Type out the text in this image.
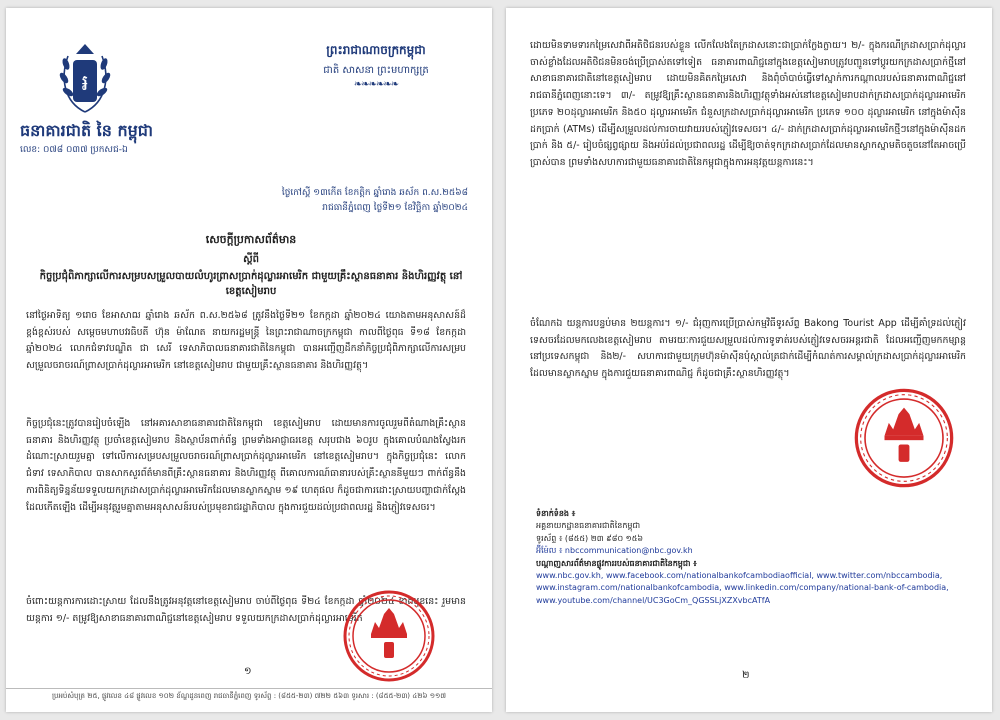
៛
ធនាគារជាតិ នៃ កម្ពុជា
លេខ: ០៧៨ ០៣៧ ប្រកសជ-ឯ
ព្រះរាជាណាចក្រកម្ពុជា
ជាតិ សាសនា ព្រះមហាក្សត្រ
❧❧❧❧❧❧
ថ្ងៃកៅស្គី ១៣កើត ខែកត្តិក ឆ្នាំរោង ឆស័ក ព.ស.២៥៦៨
រាជធានីភ្នំពេញ ថ្ងៃទី២១ ខែវិច្ឆិកា ឆ្នាំ២០២៤
សេចក្តីប្រកាសព័ត៌មាន
ស្តីពី
កិច្ចប្រជុំពិភាក្សាលើការសម្របសម្រួលបាយលំហូរព្រាសប្រាក់ដុល្លារអាមេរិក ជាមួយគ្រឹះស្ថានធនាគារ និងហិរញ្ញវត្ថុ នៅខេត្តសៀមរាប
នៅថ្ងៃអាទិត្យ ១រោច ខែអាសាឍ ឆ្នាំរោង ឆស័ក ព.ស.២៥៦៨ ត្រូវនឹងថ្ងៃទី២១ ខែកក្កដា ឆ្នាំ២០២៤ យោងតាមអនុសាសន៍ដ៏ខ្ពង់ខ្ពស់របស់ សម្តេចមហាបវរធិបតី ហ៊ុន ម៉ាណែត នាយករដ្ឋមន្ត្រី នៃព្រះរាជាណាចក្រកម្ពុជា កាលពីថ្ងៃពុធ ទី១៨ ខែកក្កដា ឆ្នាំ២០២៤ លោកជំទាវបណ្ឌិត ជា សេរី ទេសាភិបាលធនាគារជាតិនៃកម្ពុជា បានអញ្ជើញដឹកនាំកិច្ចប្រជុំពិភាក្សាលើការសម្របសម្រួលចរាចរណ៍ព្រាសប្រាក់ដុល្លារអាមេរិក នៅខេត្តសៀមរាប ជាមួយគ្រឹះស្ថានធនាគារ និងហិរញ្ញវត្ថុ។
កិច្ចប្រជុំនេះត្រូវបានរៀបចំឡើង នៅអគារសាខាធនាគារជាតិនៃកម្ពុជា ខេត្តសៀមរាប ដោយមានការចូលរួមពីតំណាងគ្រឹះស្ថានធនាគារ និងហិរញ្ញវត្ថុ ប្រចាំខេត្តសៀមរាប និងស្ថាប័នពាក់ព័ន្ធ ព្រមទាំងអាជ្ញាធរខេត្ត សរុបជាង ៦០រូប ក្នុងគោលបំណងស្វែងរកដំណោះស្រាយរួមគ្នា ទៅលើការសម្របសម្រួលចរាចរណ៍ព្រាសប្រាក់ដុល្លារអាមេរិក នៅខេត្តសៀមរាប។ ក្នុងកិច្ចប្រជុំនេះ លោកជំទាវ ទេសាភិបាល បានសាកសួរព័ត៌មានពីគ្រឹះស្ថានធនាគារ និងហិរញ្ញវត្ថុ ពីគោលការណ៍ធានារបស់គ្រឹះស្ថាននីមួយៗ ពាក់ព័ន្ធនឹងការពិនិត្យទិន្នន័យទទួលយកក្រដាសប្រាក់ដុល្លារអាមេរិកដែលមានស្លាកស្នាម ១៩ ហេតុផល ក៏ដូចជាការដោះស្រាយបញ្ហាជាក់ស្តែងដែលកើតឡើង ដើម្បីអនុវត្តរួមគ្នាតាមអនុសាសន៍របស់ប្រមុខរាជរដ្ឋាភិបាល ក្នុងការជួយដល់ប្រជាពលរដ្ឋ និងភ្ញៀវទេសចរ។
ចំពោះយន្តការការដោះស្រាយ ដែលនឹងត្រូវអនុវត្តនៅខេត្តសៀមរាប ចាប់ពីថ្ងៃពុធ ទី២៤ ខែកក្កដា ឆ្នាំ២០២៤ ខាងមុខនេះ រួមមាន យន្តការ ១/- តម្រូវឱ្យសាខាធនាគារពាណិជ្ជនៅខេត្តសៀមរាប ទទួលយកក្រដាសប្រាក់ដុល្លារអាមេរិក
១
ប្រអប់សំបុត្រ ២៥, ផ្លូវលេខ ៤៨ ផ្លូវលេខ ១០២ ខ័ណ្ឌដូនពេញ រាជធានីភ្នំពេញ ទូរស័ព្ទ : (៨៥៥-២៣) ៧២២ ៥៦៣ ទូរសារ : (៨៥៥-២៣) ៤២៦ ១១៧
ដោយមិនទាមទារកម្រៃសេវាពីអតិថិជនរបស់ខ្លួន លើកលែងតែក្រដាសនោះជាប្រាក់ក្លែងក្លាយ។ ២/- ក្នុងករណីក្រដាសប្រាក់ដុល្លារចាស់ខ្លាំងដែលអតិថិជនមិនចង់ប្រើប្រាស់តទៅទៀត ធនាគារពាណិជ្ជនៅក្នុងខេត្តសៀមរាបត្រូវបញ្ជូនទៅប្តូរយកក្រដាសប្រាក់ថ្មីនៅសាខាធនាគារជាតិនៅខេត្តសៀមរាប ដោយមិនគិតកម្រៃសេវា និងពុំចាំបាច់ធ្វើទៅស្នាក់ការកណ្តាលរបស់ធនាគារពាណិជ្ជនៅរាជធានីភ្នំពេញនោះទេ។ ៣/- តម្រូវឱ្យគ្រឹះស្ថានធនាគារនិងហិរញ្ញវត្ថុទាំងអស់នៅខេត្តសៀមរាបដាក់ក្រដាសប្រាក់ដុល្លារអាមេរិកប្រភេទ ២០ដុល្លារអាមេរិក និង៥០ ដុល្លារអាមេរិក ជំនួសក្រដាសប្រាក់ដុល្លារអាមេរិក ប្រភេទ ១០០ ដុល្លារអាមេរិក នៅក្នុងម៉ាស៊ីនដកប្រាក់ (ATMs) ដើម្បីសម្រួលដល់ការចាយវាយរបស់ភ្ញៀវទេសចរ។ ៤/- ដាក់ក្រដាសប្រាក់ដុល្លារអាមេរិកថ្មីៗនៅក្នុងម៉ាស៊ីនដកប្រាក់ និង ៥/- រៀបចំផ្សព្វផ្សាយ និងអប់រំដល់ប្រជាពលរដ្ឋ ដើម្បីឱ្យចាត់ទុកក្រដាសប្រាក់ដែលមានស្លាកស្នាមតិចតួចនៅតែអាចប្រើប្រាស់បាន ព្រមទាំងសហការជាមួយធនាគារជាតិនៃកម្ពុជាក្នុងការអនុវត្តយន្តការនេះ។
ចំណែកឯ យន្តការបន្ទប់មាន ២យន្តការ។ ១/- ជំរុញការប្រើប្រាស់កម្មវិធីទូរស័ព្ទ Bakong Tourist App ដើម្បីគាំទ្រដល់ភ្ញៀវទេសចរដែលមកលេងខេត្តសៀមរាប តាមរយៈការជួយសម្រួលដល់ការទូទាត់របស់ភ្ញៀវទេសចរអន្តរជាតិ ដែលអញ្ជើញមកកម្សាន្តនៅប្រទេសកម្ពុជា និង២/- សហការជាមួយក្រុមហ៊ុនម៉ាស៊ីនប៉ុស្តាល់ត្រជាក់ដើម្បីកំណត់ការសម្គាល់ក្រដាសប្រាក់ដុល្លារអាមេរិក ដែលមានស្លាកស្នាម ក្នុងការជួយធនាគារពាណិជ្ជ ក៏ដូចជាគ្រឹះស្ថានហិរញ្ញវត្ថុ។
ទំនាក់ទំនង ៖
អគ្គនាយកដ្ឋានធនាគារជាតិនៃកម្ពុជា
ទូរស័ព្ទ ៖ (៨៥៥) ២៣ ៩៨០ ១៥៦
អ៊ីម៉ែល ៖ nbccommunication@nbc.gov.kh
បណ្តាញសារព័ត៌មានផ្លូវការរបស់ធនាគារជាតិនៃកម្ពុជា ៖
www.nbc.gov.kh, www.facebook.com/nationalbankofcambodiaofficial, www.twitter.com/nbccambodia,
www.instagram.com/nationalbankofcambodia, www.linkedin.com/company/national-bank-of-cambodia,
www.youtube.com/channel/UC3GoCm_QGSSLjXZXvbcATfA
២
